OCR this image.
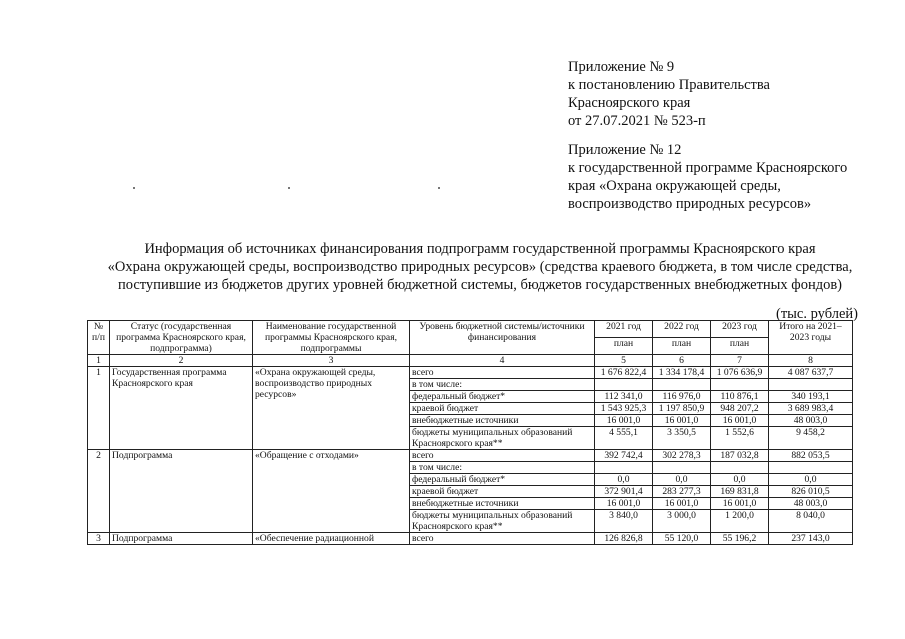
Приложение № 9
к постановлению Правительства
Красноярского края
от 27.07.2021 № 523-п
Приложение № 12
к государственной программе Красноярского
края «Охрана окружающей среды,
воспроизводство природных ресурсов»
Информация об источниках финансирования подпрограмм государственной программы Красноярского края
«Охрана окружающей среды, воспроизводство природных ресурсов» (средства краевого бюджета, в том числе средства,
поступившие из бюджетов других уровней бюджетной системы, бюджетов государственных внебюджетных фондов)
(тыс. рублей)
№ п/п	Статус (государственная программа Красноярского края, подпрограмма)	Наименование государственной программы Красноярского края, подпрограммы	Уровень бюджетной системы/источники финансирования	2021 год	2022 год	2023 год	Итого на 2021–2023 годы
				план	план	план	
1	2	3	4	5	6	7	8
1	Государственная программа Красноярского края	«Охрана окружающей среды, воспроизводство природных ресурсов»	всего	1 676 822,4	1 334 178,4	1 076 636,9	4 087 637,7
			в том числе:				
			федеральный бюджет*	112 341,0	116 976,0	110 876,1	340 193,1
			краевой бюджет	1 543 925,3	1 197 850,9	948 207,2	3 689 983,4
			внебюджетные источники	16 001,0	16 001,0	16 001,0	48 003,0
			бюджеты муниципальных образований Красноярского края**	4 555,1	3 350,5	1 552,6	9 458,2
2	Подпрограмма	«Обращение с отходами»	всего	392 742,4	302 278,3	187 032,8	882 053,5
			в том числе:				
			федеральный бюджет*	0,0	0,0	0,0	0,0
			краевой бюджет	372 901,4	283 277,3	169 831,8	826 010,5
			внебюджетные источники	16 001,0	16 001,0	16 001,0	48 003,0
			бюджеты муниципальных образований Красноярского края**	3 840,0	3 000,0	1 200,0	8 040,0
3	Подпрограмма	«Обеспечение радиационной	всего	126 826,8	55 120,0	55 196,2	237 143,0
